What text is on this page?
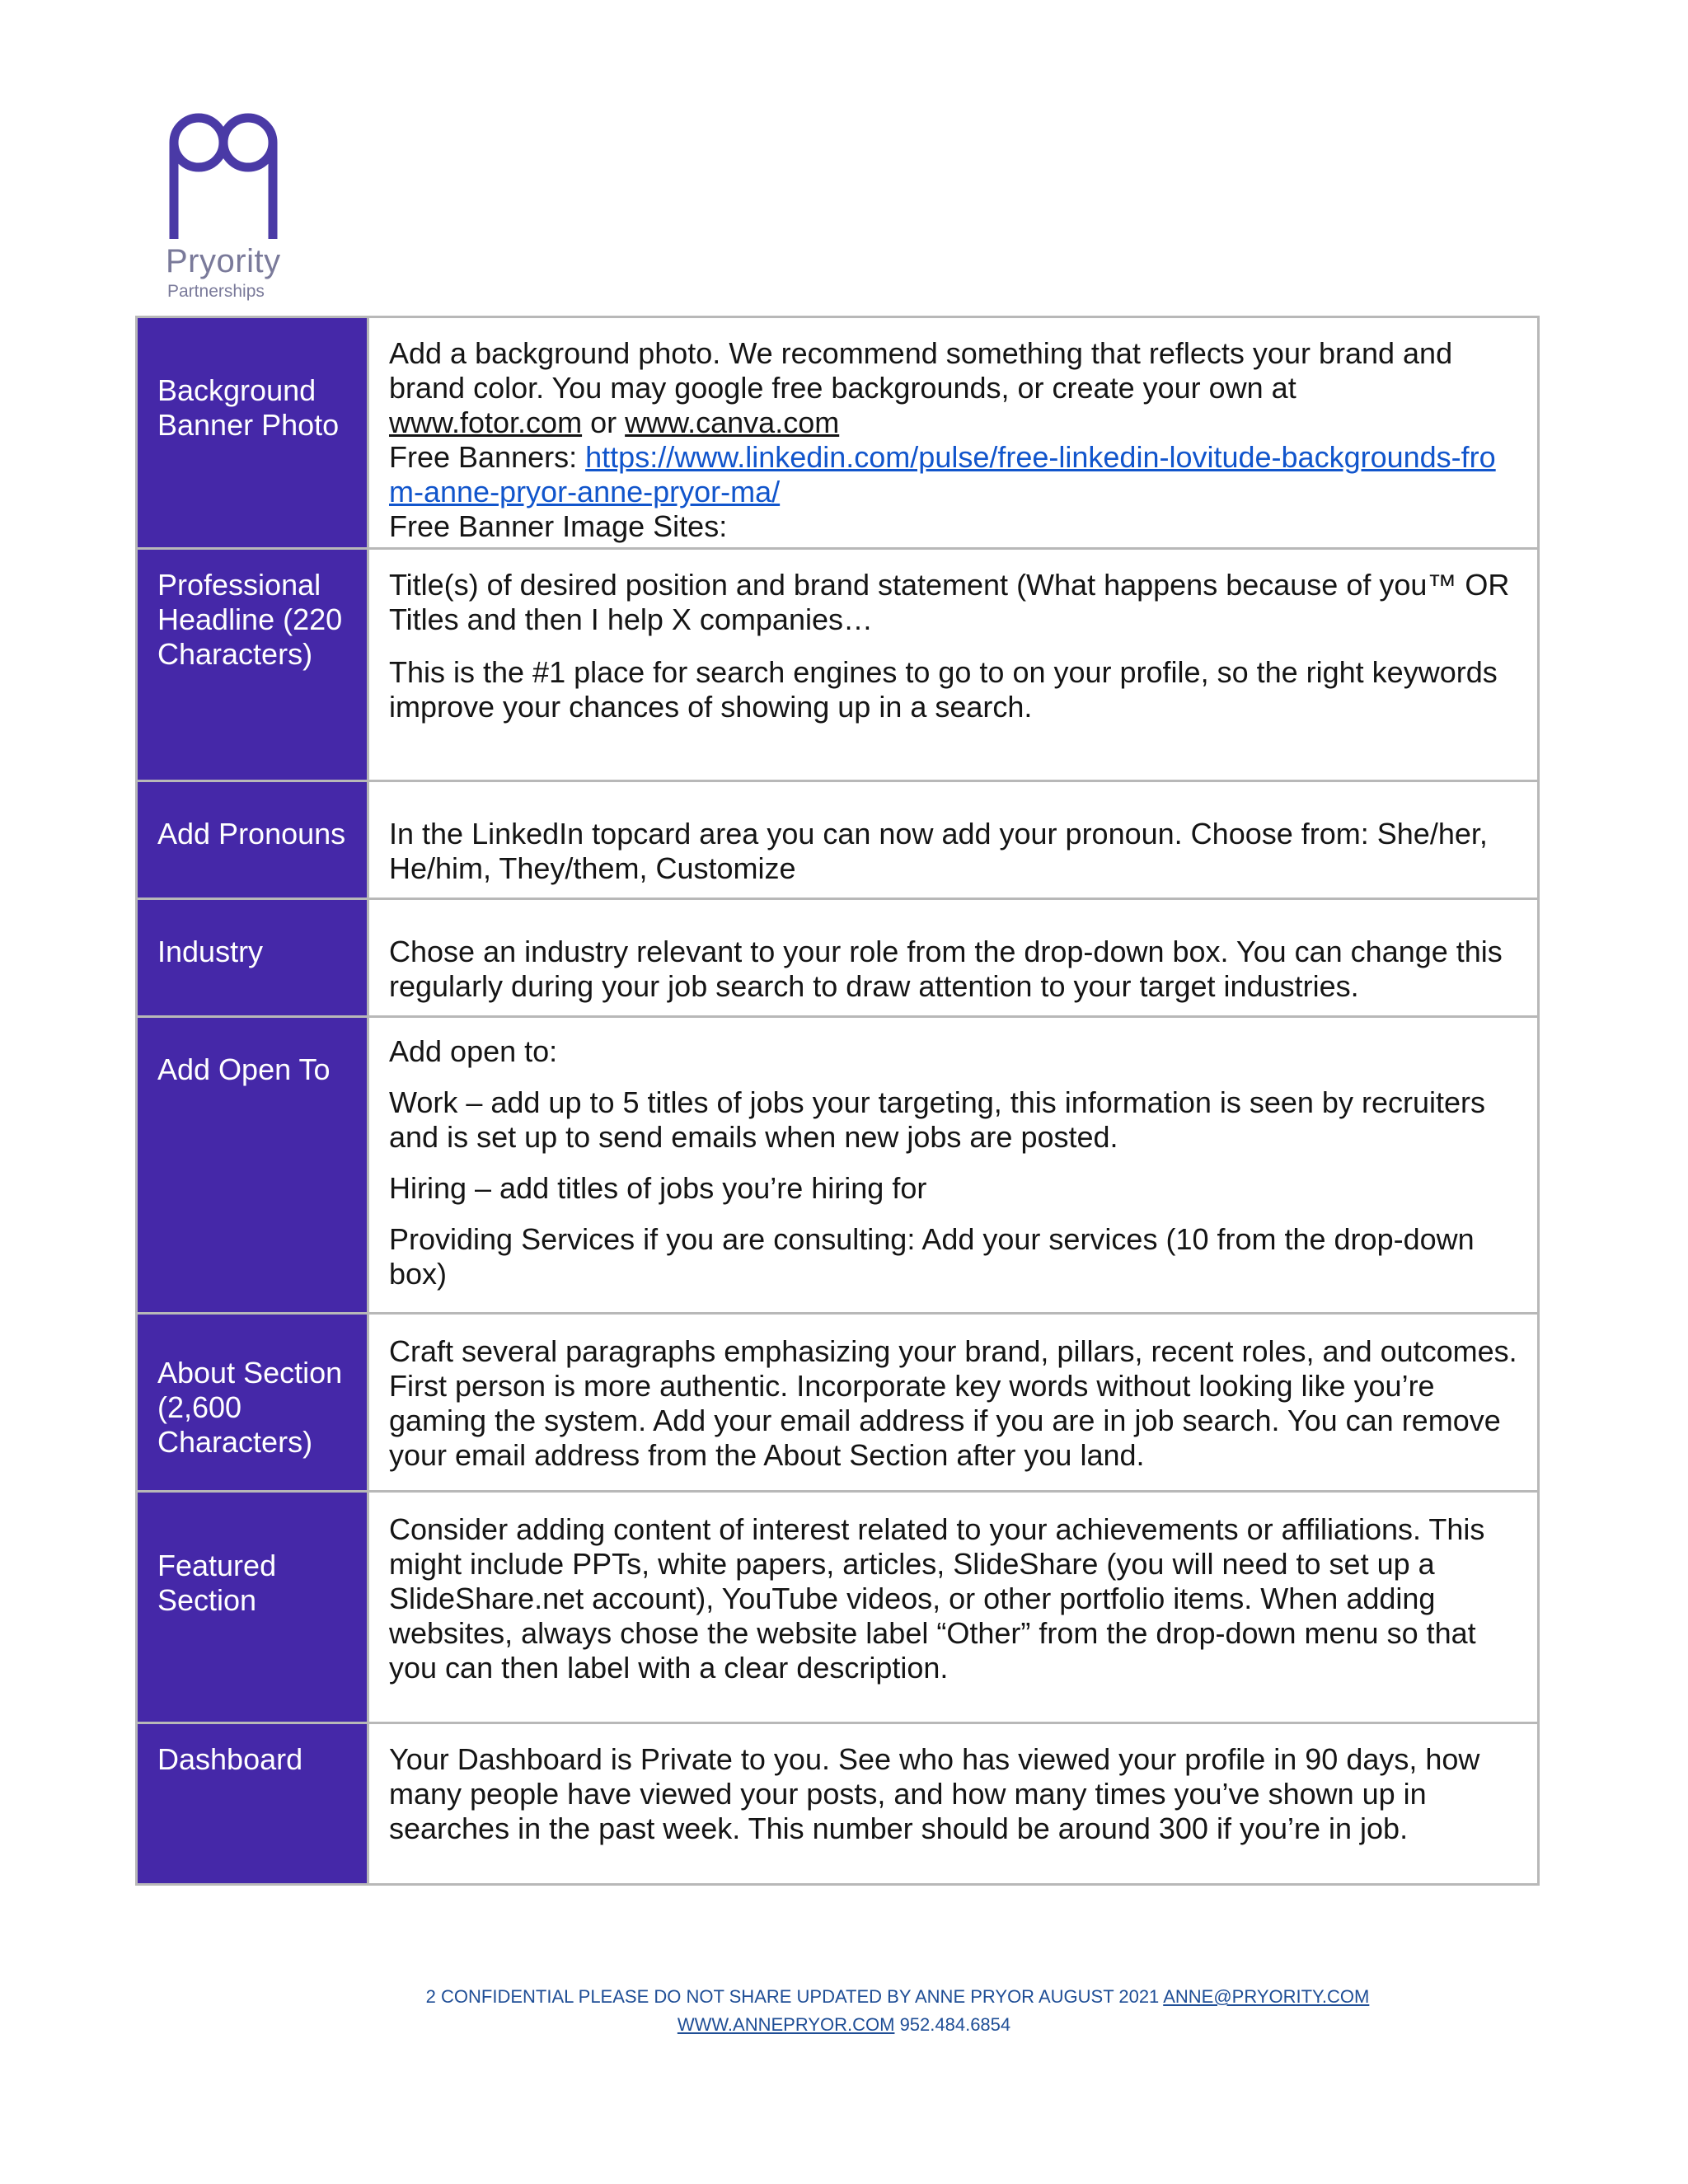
Pryority
Partnerships
Background Banner Photo	Add a background photo. We recommend something that reflects your brand and brand color. You may google free backgrounds, or create your own at
www.fotor.com or www.canva.com
Free Banners: https://www.linkedin.com/pulse/free-linkedin-lovitude-backgrounds-from-anne-pryor-anne-pryor-ma/
Free Banner Image Sites:

Professional Headline (220 Characters)	Title(s) of desired position and brand statement (What happens because of you™ OR Titles and then I help X companies…

This is the #1 place for search engines to go to on your profile, so the right keywords improve your chances of showing up in a search.

Add Pronouns	In the LinkedIn topcard area you can now add your pronoun. Choose from: She/her, He/him, They/them, Customize

Industry	Chose an industry relevant to your role from the drop-down box. You can change this regularly during your job search to draw attention to your target industries.

Add Open To	Add open to:

Work – add up to 5 titles of jobs your targeting, this information is seen by recruiters and is set up to send emails when new jobs are posted.

Hiring – add titles of jobs you’re hiring for

Providing Services if you are consulting: Add your services (10 from the drop-down box)

About Section (2,600 Characters)	Craft several paragraphs emphasizing your brand, pillars, recent roles, and outcomes. First person is more authentic. Incorporate key words without looking like you’re gaming the system. Add your email address if you are in job search. You can remove your email address from the About Section after you land.

Featured Section	Consider adding content of interest related to your achievements or affiliations. This might include PPTs, white papers, articles, SlideShare (you will need to set up a SlideShare.net account), YouTube videos, or other portfolio items. When adding websites, always chose the website label “Other” from the drop-down menu so that you can then label with a clear description.

Dashboard	Your Dashboard is Private to you. See who has viewed your profile in 90 days, how many people have viewed your posts, and how many times you’ve shown up in searches in the past week. This number should be around 300 if you’re in job.

2 CONFIDENTIAL PLEASE DO NOT SHARE UPDATED BY ANNE PRYOR AUGUST 2021 ANNE@PRYORITY.COM
WWW.ANNEPRYOR.COM 952.484.6854
